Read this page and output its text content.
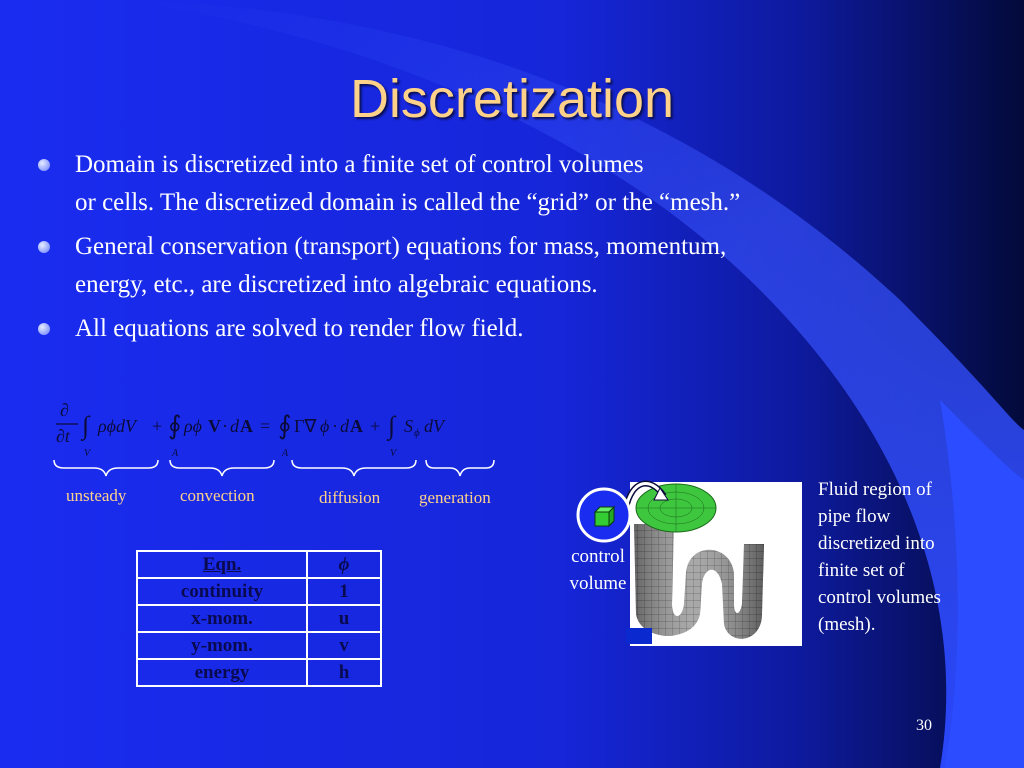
Discretization
Domain is discretized into a finite set of control volumes
or cells. The discretized domain is called the “grid” or the “mesh.”
General conservation (transport) equations for mass, momentum,
energy, etc., are discretized into algebraic equations.
All equations are solved to render flow field.
∂
∂t ∫
V
ρϕdV + ∮
A
ρϕ V · d A = ∮
A
Γ∇ ϕ · d A + ∫
V
S ϕ dV
unsteady	convection	diffusion generation
Eqn.	ϕ
continuity	1
x-mom.	u
y-mom.	v
energy	h
control
volume
Fluid region of
pipe flow
discretized into
finite set of
control volumes
(mesh).
30
